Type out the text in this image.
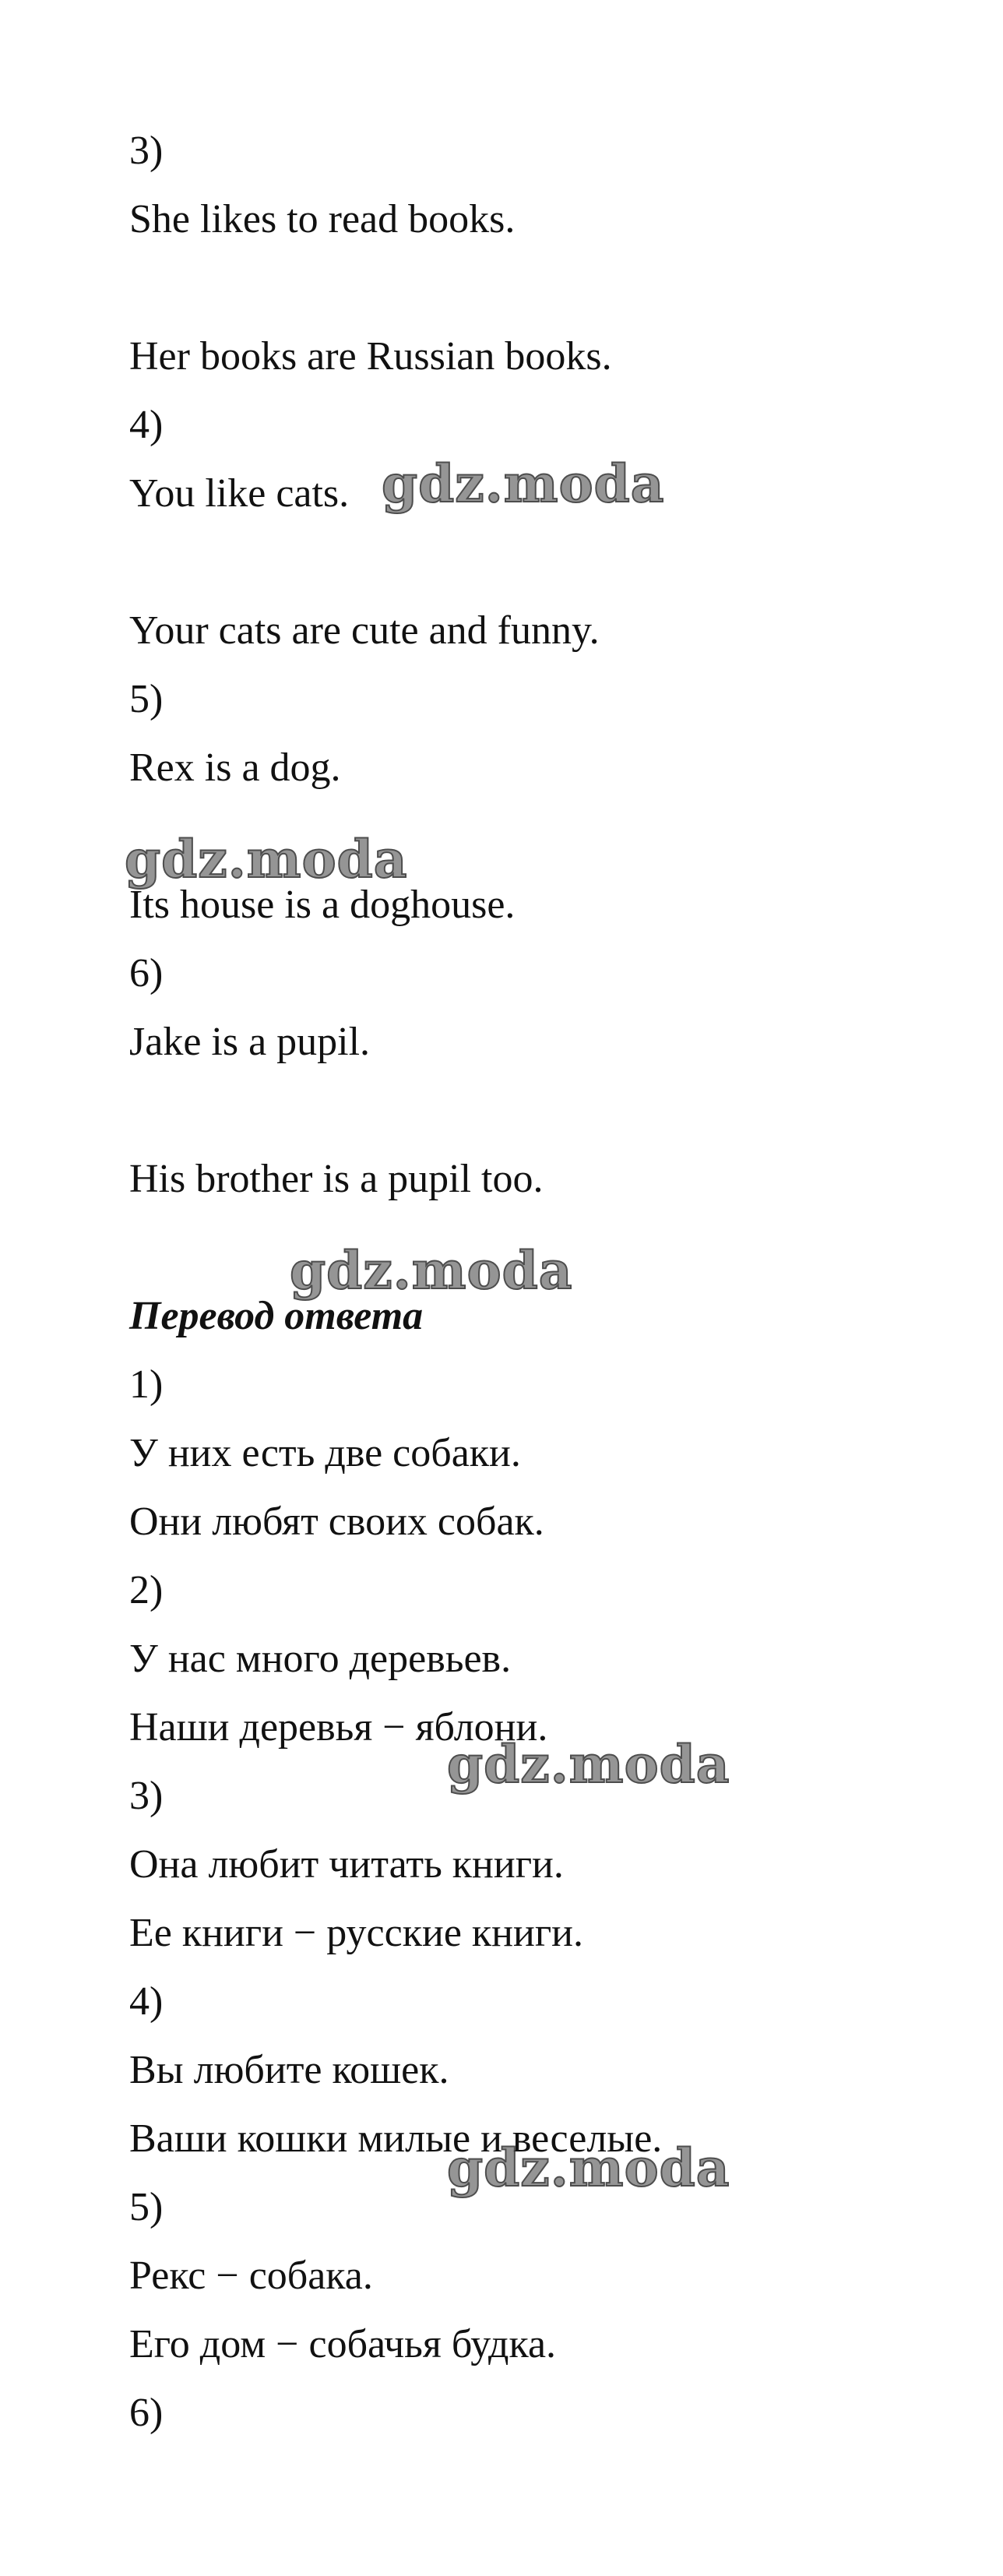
3)
She likes to read books.
Her books are Russian books.
4)
You like cats.
Your cats are cute and funny.
5)
Rex is a dog.
Its house is a doghouse.
6)
Jake is a pupil.
His brother is a pupil too.
Перевод ответа
1)
У них есть две собаки.
Они любят своих собак.
2)
У нас много деревьев.
Наши деревья − яблони.
3)
Она любит читать книги.
Ее книги − русские книги.
4)
Вы любите кошек.
Ваши кошки милые и веселые.
5)
Рекс − собака.
Его дом − собачья будка.
6)
gdz.moda
gdz.moda
gdz.moda
gdz.moda
gdz.moda
